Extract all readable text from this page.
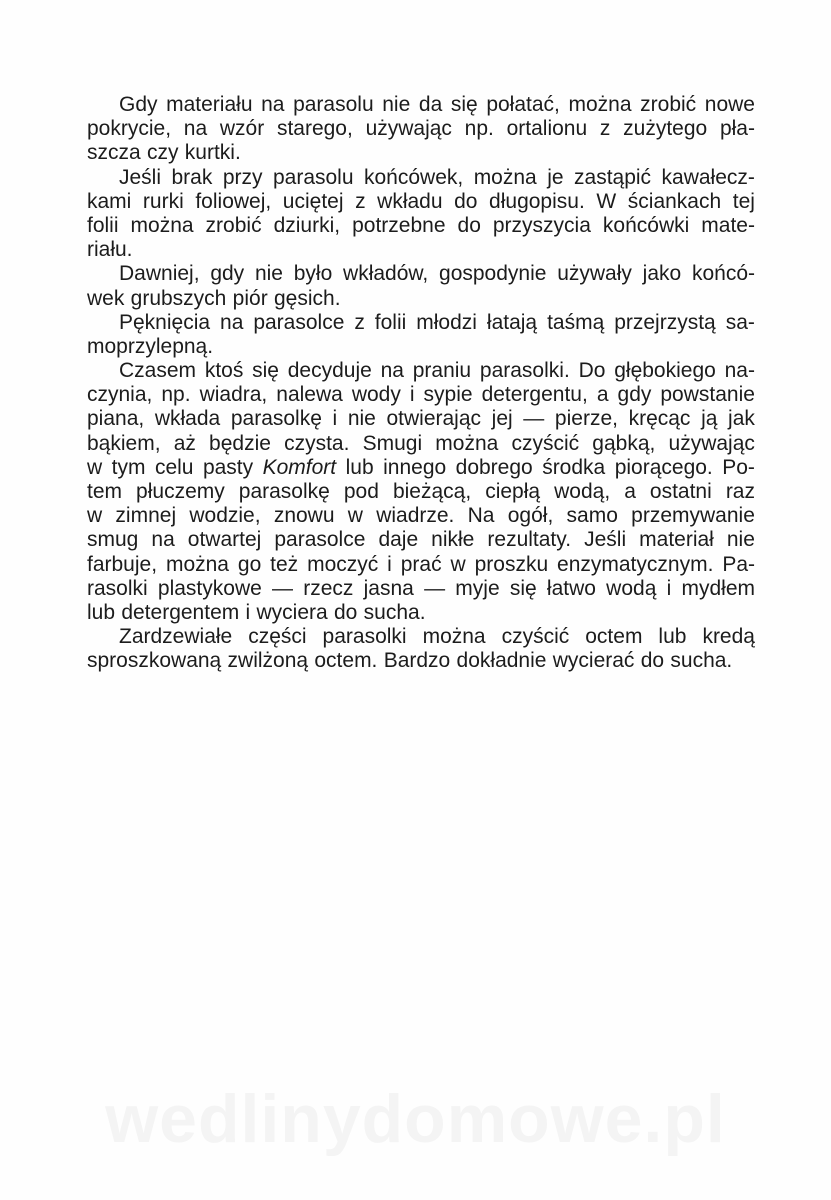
Gdy materiału na parasolu nie da się połatać, można zrobić nowe
pokrycie, na wzór starego, używając np. ortalionu z zużytego pła-
szcza czy kurtki.
Jeśli brak przy parasolu końcówek, można je zastąpić kawałecz-
kami rurki foliowej, uciętej z wkładu do długopisu. W ściankach tej
folii można zrobić dziurki, potrzebne do przyszycia końcówki mate-
riału.
Dawniej, gdy nie było wkładów, gospodynie używały jako końcó-
wek grubszych piór gęsich.
Pęknięcia na parasolce z folii młodzi łatają taśmą przejrzystą sa-
moprzylepną.
Czasem ktoś się decyduje na praniu parasolki. Do głębokiego na-
czynia, np. wiadra, nalewa wody i sypie detergentu, a gdy powstanie
piana, wkłada parasolkę i nie otwierając jej — pierze, kręcąc ją jak
bąkiem, aż będzie czysta. Smugi można czyścić gąbką, używając
w tym celu pasty Komfort lub innego dobrego środka piorącego. Po-
tem płuczemy parasolkę pod bieżącą, ciepłą wodą, a ostatni raz
w zimnej wodzie, znowu w wiadrze. Na ogół, samo przemywanie
smug na otwartej parasolce daje nikłe rezultaty. Jeśli materiał nie
farbuje, można go też moczyć i prać w proszku enzymatycznym. Pa-
rasolki plastykowe — rzecz jasna — myje się łatwo wodą i mydłem
lub detergentem i wyciera do sucha.
Zardzewiałe części parasolki można czyścić octem lub kredą
sproszkowaną zwilżoną octem. Bardzo dokładnie wycierać do sucha.
wedlinydomowe.pl
